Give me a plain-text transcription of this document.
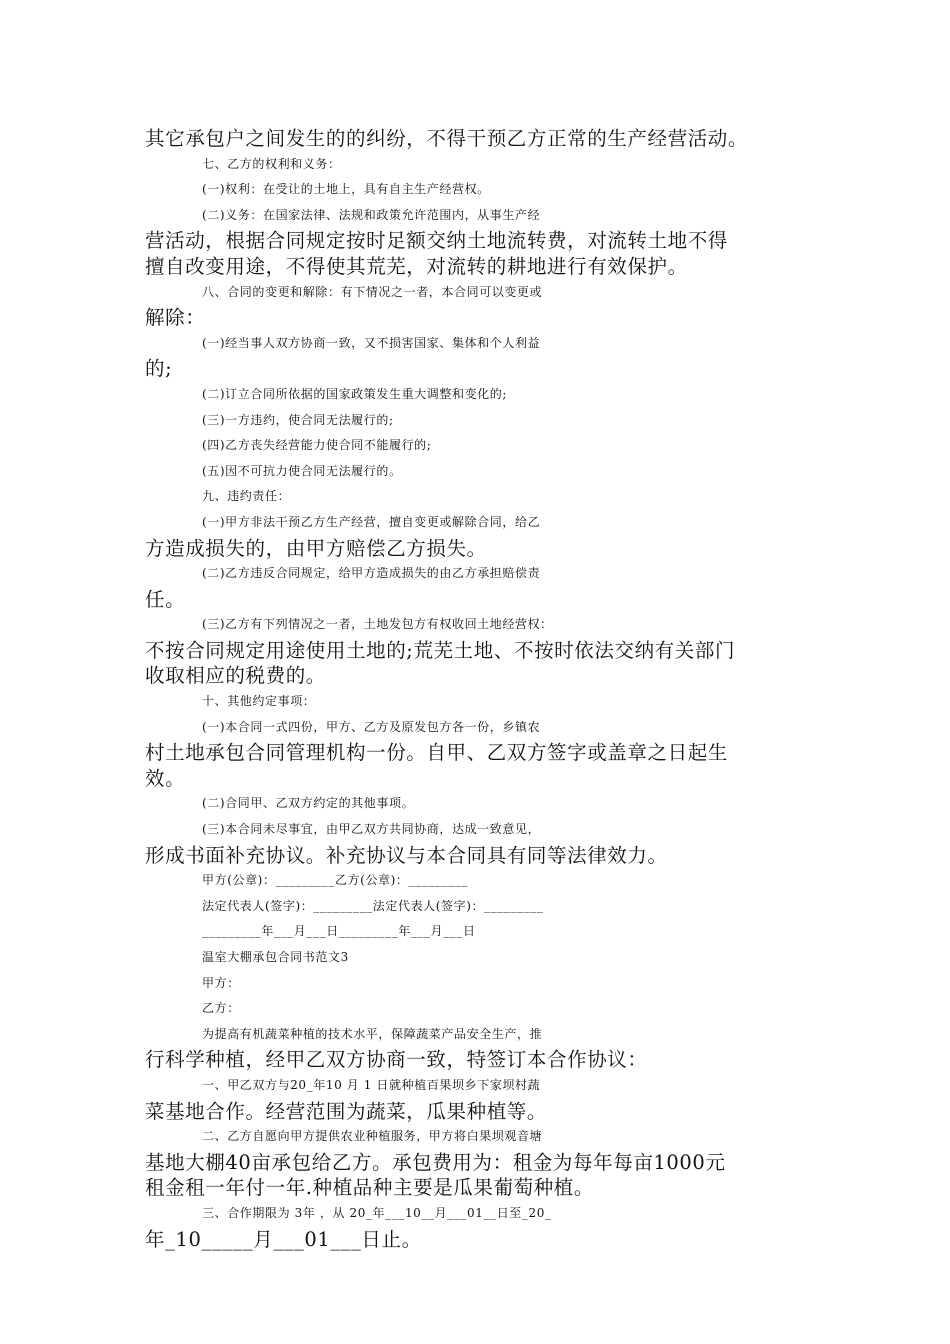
其它承包户之间发生的的纠纷，不得干预乙方正常的生产经营活动。
七、乙方的权利和义务：
(一)权利：在受让的土地上，具有自主生产经营权。
(二)义务：在国家法律、法规和政策允许范围内，从事生产经
营活动，根据合同规定按时足额交纳土地流转费，对流转土地不得
擅自改变用途，不得使其荒芜，对流转的耕地进行有效保护。
八、合同的变更和解除：有下情况之一者，本合同可以变更或
解除：
(一)经当事人双方协商一致，又不损害国家、集体和个人利益
的;
(二)订立合同所依据的国家政策发生重大调整和变化的;
(三)一方违约，使合同无法履行的;
(四)乙方丧失经营能力使合同不能履行的;
(五)因不可抗力使合同无法履行的。
九、违约责任：
(一)甲方非法干预乙方生产经营，擅自变更或解除合同，给乙
方造成损失的，由甲方赔偿乙方损失。
(二)乙方违反合同规定，给甲方造成损失的由乙方承担赔偿责
任。
(三)乙方有下列情况之一者，土地发包方有权收回土地经营权：
不按合同规定用途使用土地的;荒芜土地、不按时依法交纳有关部门
收取相应的税费的。
十、其他约定事项：
(一)本合同一式四份，甲方、乙方及原发包方各一份，乡镇农
村土地承包合同管理机构一份。自甲、乙双方签字或盖章之日起生
效。
(二)合同甲、乙双方约定的其他事项。
(三)本合同未尽事宜，由甲乙双方共同协商，达成一致意见，
形成书面补充协议。补充协议与本合同具有同等法律效力。
甲方(公章)：_________乙方(公章)：_________
法定代表人(签字)：_________法定代表人(签字)：_________
_________年___月___日_________年___月___日
温室大棚承包合同书范文3
甲方：
乙方：
为提高有机蔬菜种植的技术水平，保障蔬菜产品安全生产，推
行科学种植，经甲乙双方协商一致，特签订本合作协议：
一、甲乙双方与20_年10 月 1 日就种植百果坝乡下家坝村蔬
菜基地合作。经营范围为蔬菜，瓜果种植等。
二、乙方自愿向甲方提供农业种植服务，甲方将白果坝观音塘
基地大棚40亩承包给乙方。承包费用为：租金为每年每亩1000元
租金租一年付一年.种植品种主要是瓜果葡萄种植。
三、合作期限为 3年 ，从 20_年___10__月___01__日至_20_
年_10_____月___01___日止。
